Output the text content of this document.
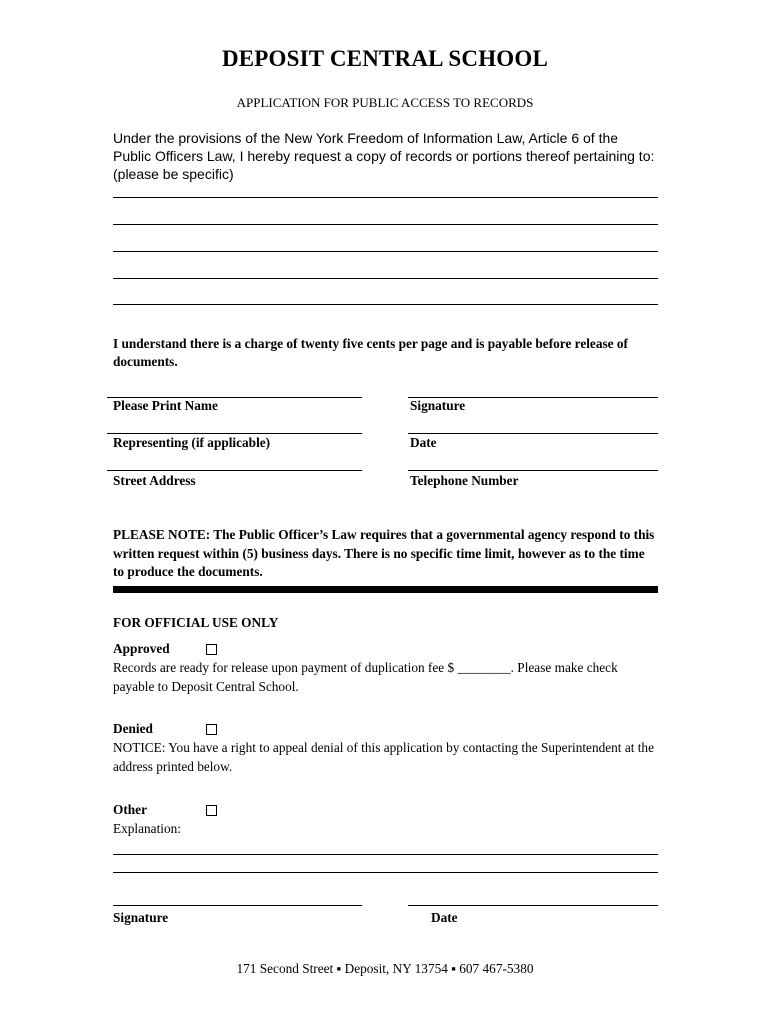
DEPOSIT CENTRAL SCHOOL
APPLICATION FOR PUBLIC ACCESS TO RECORDS
Under the provisions of the New York Freedom of Information Law, Article 6 of the Public Officers Law, I hereby request a copy of records or portions thereof pertaining to: (please be specific)
I understand there is a charge of twenty five cents per page and is payable before release of documents.
Please Print Name	Signature
Representing (if applicable)	Date
Street Address	Telephone Number
PLEASE NOTE: The Public Officer’s Law requires that a governmental agency respond to this written request within (5) business days. There is no specific time limit, however as to the time to produce the documents.
FOR OFFICIAL USE ONLY
Approved
Records are ready for release upon payment of duplication fee $ ________. Please make check payable to Deposit Central School.
Denied
NOTICE: You have a right to appeal denial of this application by contacting the Superintendent at the address printed below.
Other
Explanation:
Signature	Date
171 Second Street ▪ Deposit, NY 13754 ▪ 607 467-5380
